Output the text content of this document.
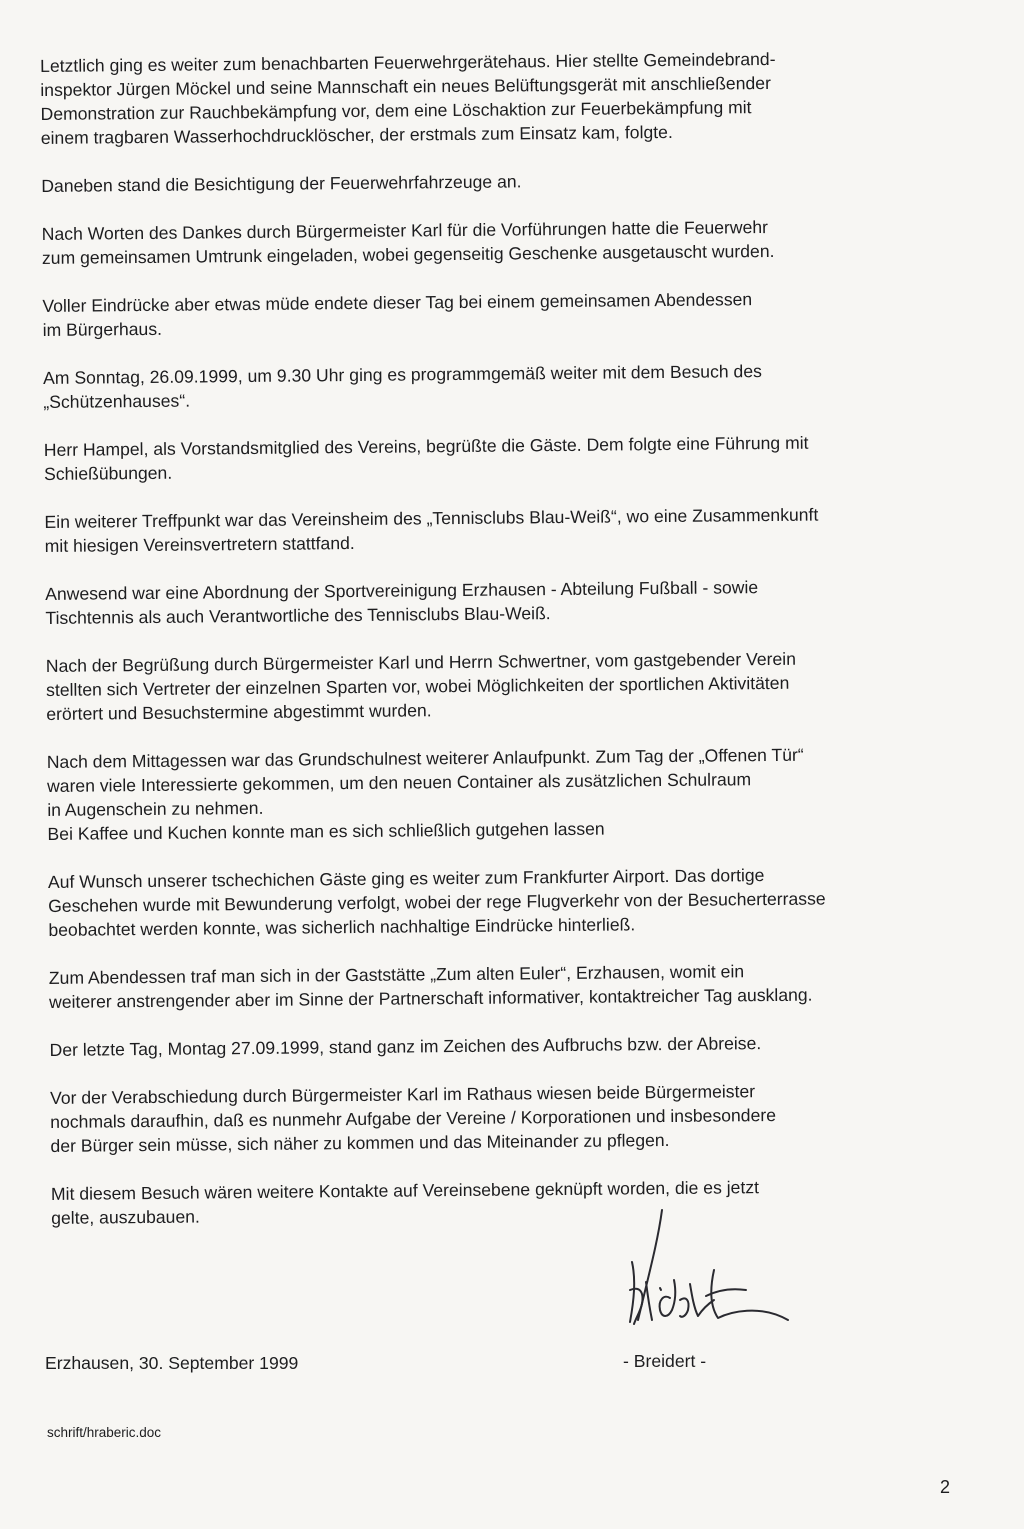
Letztlich ging es weiter zum benachbarten Feuerwehrgerätehaus. Hier stellte Gemeindebrand-
inspektor Jürgen Möckel und seine Mannschaft ein neues Belüftungsgerät mit anschließender
Demonstration zur Rauchbekämpfung vor, dem eine Löschaktion zur Feuerbekämpfung mit
einem tragbaren Wasserhochdrucklöscher, der erstmals zum Einsatz kam, folgte.

Daneben stand die Besichtigung der Feuerwehrfahrzeuge an.

Nach Worten des Dankes durch Bürgermeister Karl für die Vorführungen hatte die Feuerwehr
zum gemeinsamen Umtrunk eingeladen, wobei gegenseitig Geschenke ausgetauscht wurden.

Voller Eindrücke aber etwas müde endete dieser Tag bei einem gemeinsamen Abendessen
im Bürgerhaus.

Am Sonntag, 26.09.1999, um 9.30 Uhr ging es programmgemäß weiter mit dem Besuch des
„Schützenhauses“.

Herr Hampel, als Vorstandsmitglied des Vereins, begrüßte die Gäste. Dem folgte eine Führung mit
Schießübungen.

Ein weiterer Treffpunkt war das Vereinsheim des „Tennisclubs Blau-Weiß“, wo eine Zusammenkunft
mit hiesigen Vereinsvertretern stattfand.

Anwesend war eine Abordnung der Sportvereinigung Erzhausen - Abteilung Fußball - sowie
Tischtennis als auch Verantwortliche des Tennisclubs Blau-Weiß.

Nach der Begrüßung durch Bürgermeister Karl und Herrn Schwertner, vom gastgebender Verein
stellten sich Vertreter der einzelnen Sparten vor, wobei Möglichkeiten der sportlichen Aktivitäten
erörtert und Besuchstermine abgestimmt wurden.

Nach dem Mittagessen war das Grundschulnest weiterer Anlaufpunkt. Zum Tag der „Offenen Tür“
waren viele Interessierte gekommen, um den neuen Container als zusätzlichen Schulraum
in Augenschein zu nehmen.

Bei Kaffee und Kuchen konnte man es sich schließlich gutgehen lassen

Auf Wunsch unserer tschechichen Gäste ging es weiter zum Frankfurter Airport. Das dortige
Geschehen wurde mit Bewunderung verfolgt, wobei der rege Flugverkehr von der Besucherterrasse
beobachtet werden konnte, was sicherlich nachhaltige Eindrücke hinterließ.

Zum Abendessen traf man sich in der Gaststätte „Zum alten Euler“, Erzhausen, womit ein
weiterer anstrengender aber im Sinne der Partnerschaft informativer, kontaktreicher Tag ausklang.

Der letzte Tag, Montag 27.09.1999, stand ganz im Zeichen des Aufbruchs bzw. der Abreise.

Vor der Verabschiedung durch Bürgermeister Karl im Rathaus wiesen beide Bürgermeister
nochmals daraufhin, daß es nunmehr Aufgabe der Vereine / Korporationen und insbesondere
der Bürger sein müsse, sich näher zu kommen und das Miteinander zu pflegen.

Mit diesem Besuch wären weitere Kontakte auf Vereinsebene geknüpft worden, die es jetzt
gelte, auszubauen.

Erzhausen, 30. September 1999	- Breidert -
schrift/hraberic.doc
2
